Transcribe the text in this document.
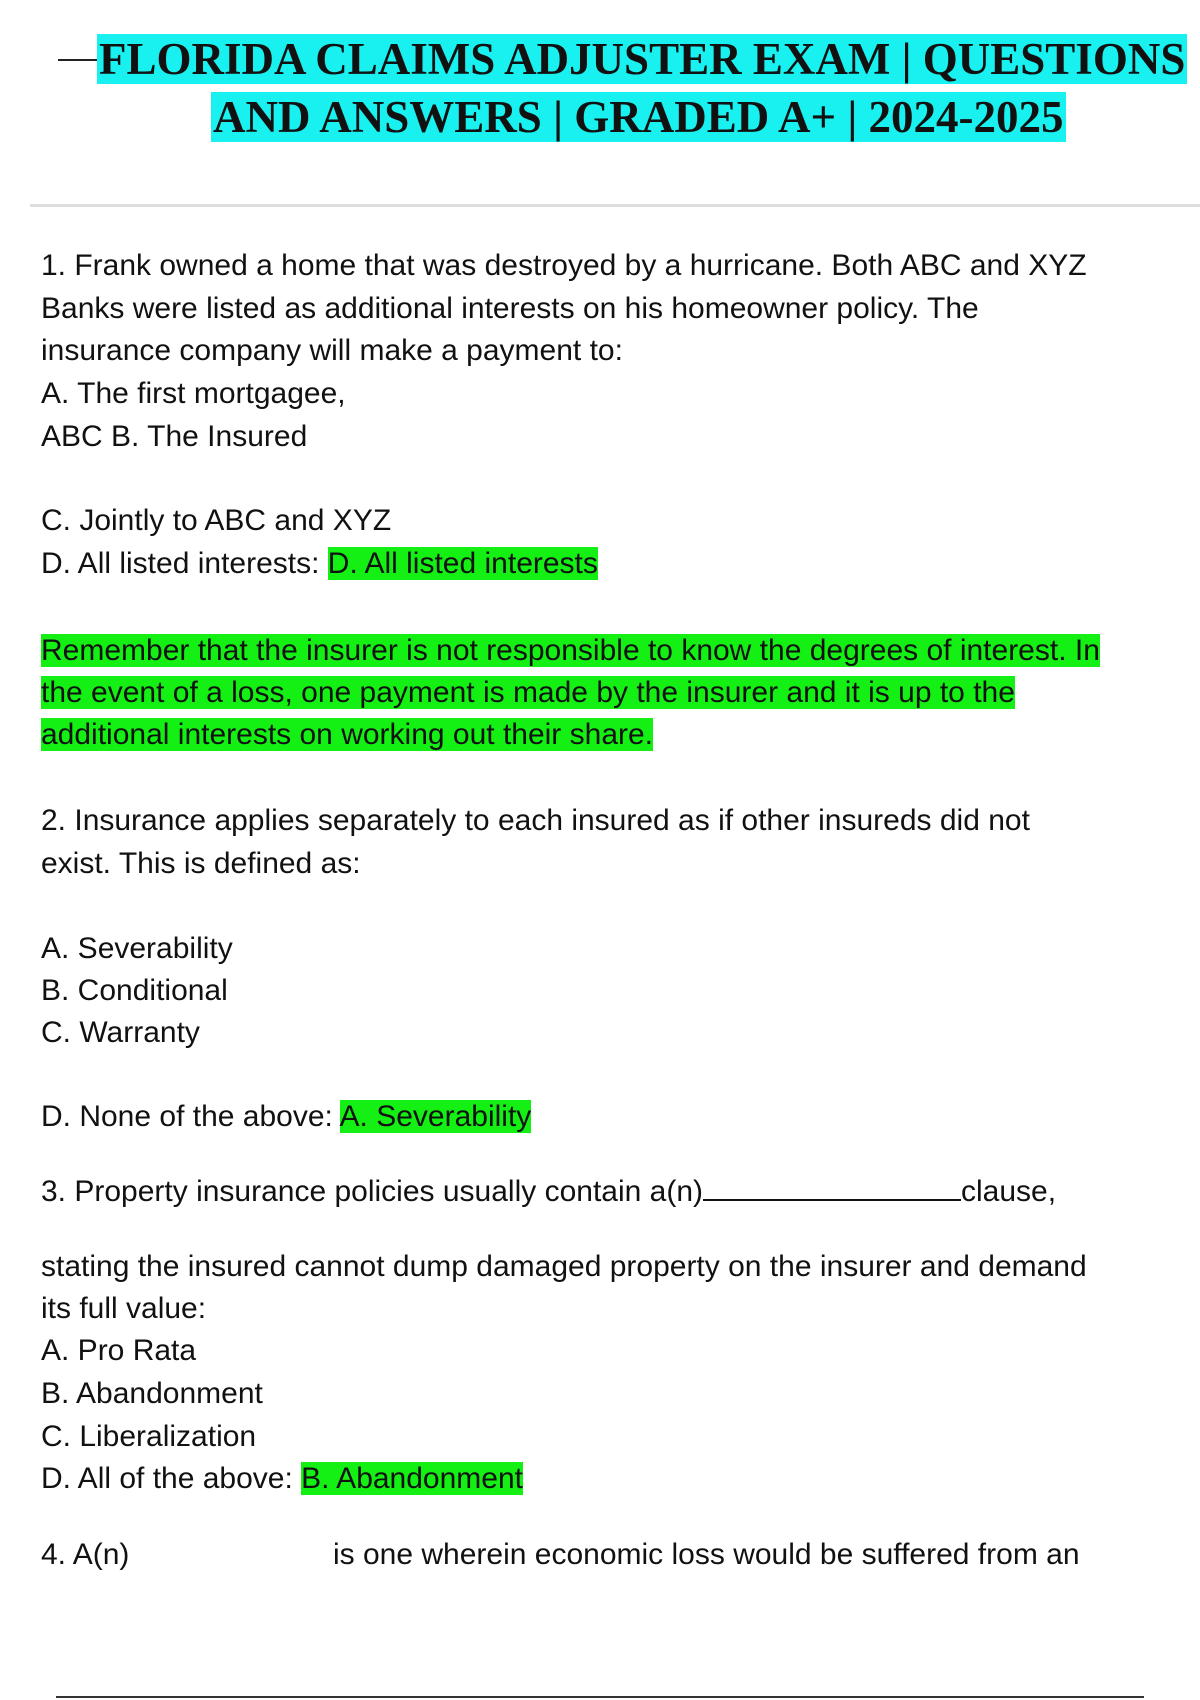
FLORIDA CLAIMS ADJUSTER EXAM | QUESTIONS
AND ANSWERS | GRADED A+ | 2024-2025
1. Frank owned a home that was destroyed by a hurricane. Both ABC and XYZ
Banks were listed as additional interests on his homeowner policy. The
insurance company will make a payment to:
A. The first mortgagee,
ABC B. The Insured
C. Jointly to ABC and XYZ
D. All listed interests: D. All listed interests
Remember that the insurer is not responsible to know the degrees of interest. In
the event of a loss, one payment is made by the insurer and it is up to the
additional interests on working out their share.
2. Insurance applies separately to each insured as if other insureds did not
exist. This is defined as:
A. Severability
B. Conditional
C. Warranty
D. None of the above: A. Severability
3. Property insurance policies usually contain a(n)	clause,
stating the insured cannot dump damaged property on the insurer and demand
its full value:
A. Pro Rata
B. Abandonment
C. Liberalization
D. All of the above: B. Abandonment
4. A(n)	is one wherein economic loss would be suffered from an
